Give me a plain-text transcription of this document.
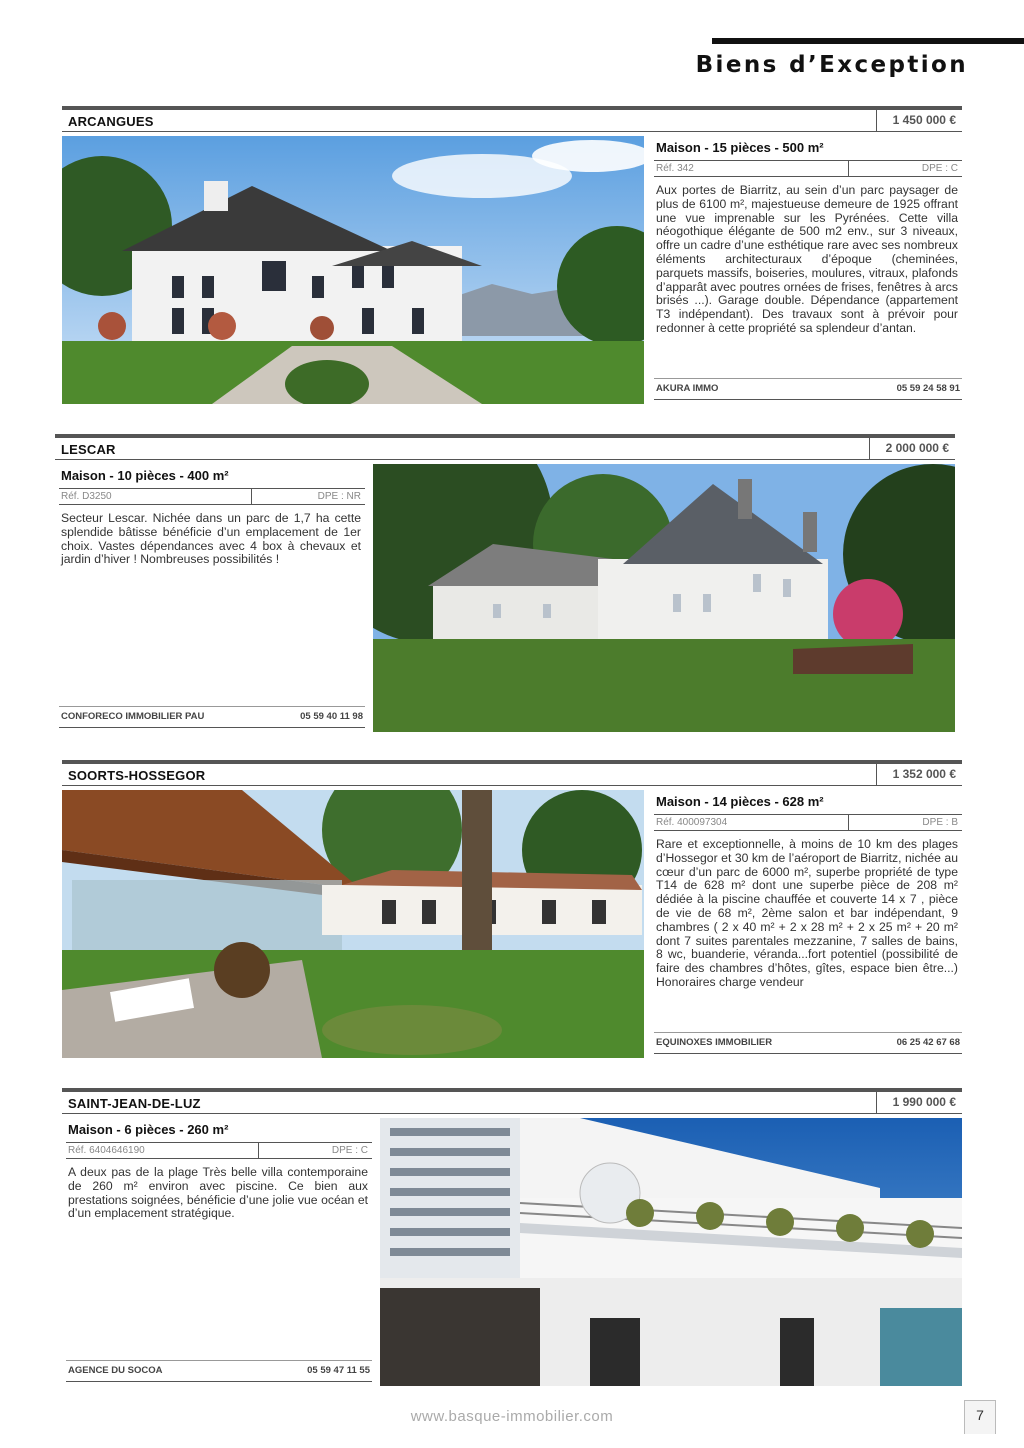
Biens d’Exception
ARCANGUES	1 450 000 €
Maison - 15 pièces - 500 m²
Réf. 342	DPE : C

Aux portes de Biarritz, au sein d’un parc paysager de plus de 6100 m², majestueuse demeure de 1925 offrant une vue imprenable sur les Pyrénées. Cette villa néogothique élégante de 500 m2 env., sur 3 niveaux, offre un cadre d’une esthétique rare avec ses nombreux éléments architecturaux d’époque (cheminées, parquets massifs, boiseries, moulures, vitraux, plafonds d’apparât avec poutres ornées de frises, fenêtres à arcs brisés ...). Garage double. Dépendance (appartement T3 indépendant). Des travaux sont à prévoir pour redonner à cette propriété sa splendeur d’antan.

AKURA IMMO	05 59 24 58 91
LESCAR	2 000 000 €
Maison - 10 pièces - 400 m²
Réf. D3250	DPE : NR

Secteur Lescar. Nichée dans un parc de 1,7 ha cette splendide bâtisse bénéficie d’un emplacement de 1er choix. Vastes dépendances avec 4 box à chevaux et jardin d’hiver ! Nombreuses possibilités !

CONFORECO IMMOBILIER PAU	05 59 40 11 98
SOORTS-HOSSEGOR	1 352 000 €
Maison - 14 pièces - 628 m²
Réf. 400097304	DPE : B

Rare et exceptionnelle, à moins de 10 km des plages d’Hossegor et 30 km de l’aéroport de Biarritz, nichée au cœur d’un parc de 6000 m², superbe propriété de type T14 de 628 m² dont une superbe pièce de 208 m² dédiée à la piscine chauffée et couverte 14 x 7 , pièce de vie de 68 m², 2ème salon et bar indépendant, 9 chambres ( 2 x 40 m² + 2 x 28 m² + 2 x 25 m² + 20 m² dont 7 suites parentales mezzanine, 7 salles de bains, 8 wc, buanderie, véranda...fort potentiel (possibilité de faire des chambres d’hôtes, gîtes, espace bien être...) Honoraires charge vendeur

EQUINOXES IMMOBILIER	06 25 42 67 68
SAINT-JEAN-DE-LUZ	1 990 000 €
Maison - 6 pièces - 260 m²
Réf. 6404646190	DPE : C

A deux pas de la plage Très belle villa contemporaine de 260 m² environ avec piscine. Ce bien aux prestations soignées, bénéficie d’une jolie vue océan et d’un emplacement stratégique.

AGENCE DU SOCOA	05 59 47 11 55
www.basque-immobilier.com	7
